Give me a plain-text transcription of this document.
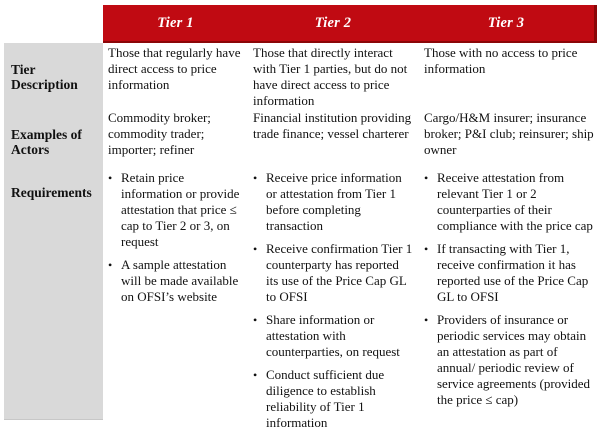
Tier 1	Tier 2	Tier 3
Tier Description
Those that regularly have direct access to price information
Those that directly interact with Tier 1 parties, but do not have direct access to price information
Those with no access to price information
Examples of Actors
Commodity broker; commodity trader; importer; refiner
Financial institution providing trade finance; vessel charterer
Cargo/H&M insurer; insurance broker; P&I club; reinsurer; ship owner
Requirements
• Retain price information or provide attestation that price ≤ cap to Tier 2 or 3, on request
• A sample attestation will be made available on OFSI’s website
• Receive price information or attestation from Tier 1 before completing transaction
• Receive confirmation Tier 1 counterparty has reported its use of the Price Cap GL to OFSI
• Share information or attestation with counterparties, on request
• Conduct sufficient due diligence to establish reliability of Tier 1 information
• Receive attestation from relevant Tier 1 or 2 counterparties of their compliance with the price cap
• If transacting with Tier 1, receive confirmation it has reported use of the Price Cap GL to OFSI
• Providers of insurance or periodic services may obtain an attestation as part of annual/ periodic review of service agreements (provided the price ≤ cap)
